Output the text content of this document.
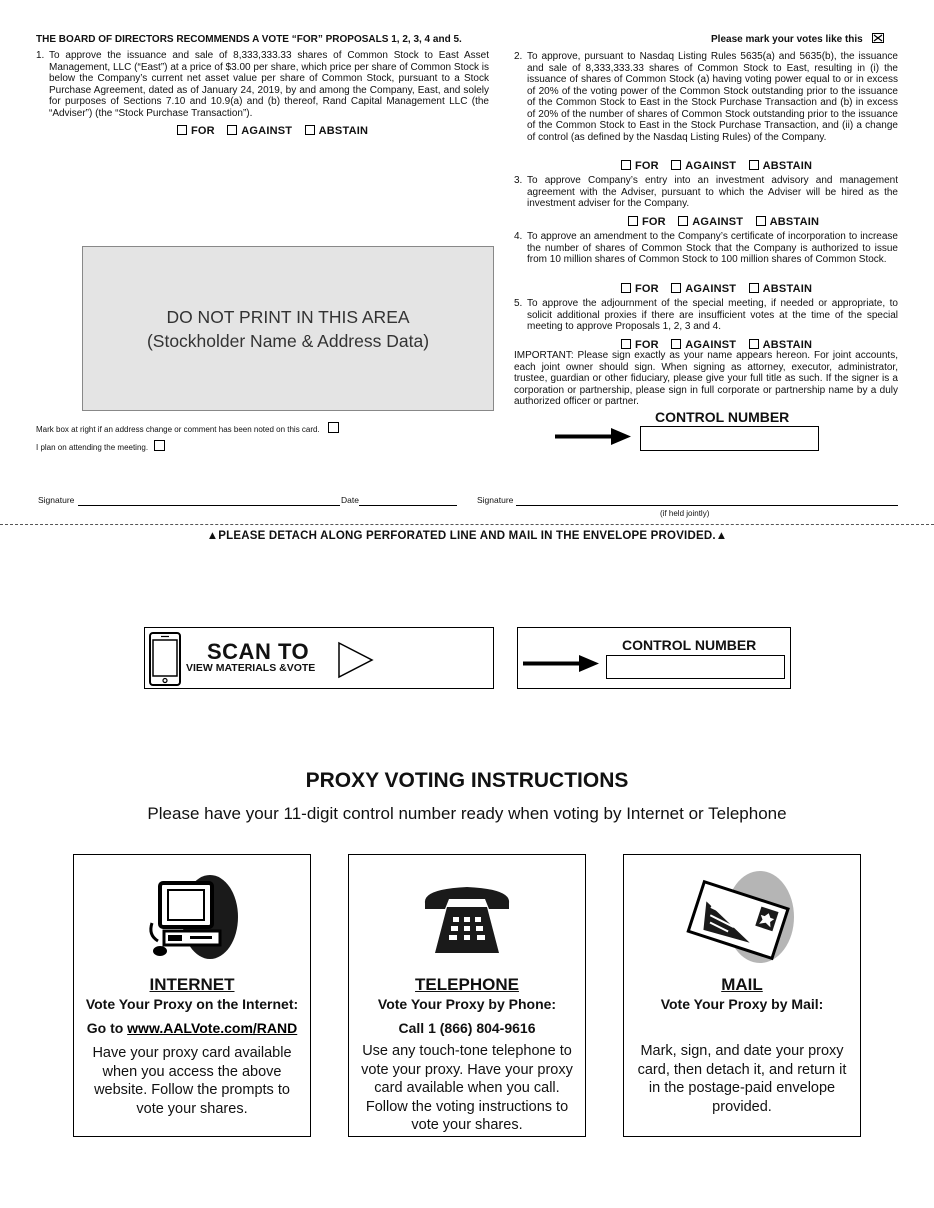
THE BOARD OF DIRECTORS RECOMMENDS A VOTE “FOR” PROPOSALS 1, 2, 3, 4 and 5.	Please mark your votes like this
1. To approve the issuance and sale of 8,333,333.33 shares of Common Stock to East Asset Management, LLC (“East”) at a price of $3.00 per share, which price per share of Common Stock is below the Company’s current net asset value per share of Common Stock, pursuant to a Stock Purchase Agreement, dated as of January 24, 2019, by and among the Company, East, and solely for purposes of Sections 7.10 and 10.9(a) and (b) thereof, Rand Capital Management LLC (the “Adviser”) (the “Stock Purchase Transaction”).
FOR AGAINST ABSTAIN
2. To approve, pursuant to Nasdaq Listing Rules 5635(a) and 5635(b), the issuance and sale of 8,333,333.33 shares of Common Stock to East, resulting in (i) the issuance of shares of Common Stock (a) having voting power equal to or in excess of 20% of the voting power of the Common Stock outstanding prior to the issuance of the Common Stock to East in the Stock Purchase Transaction and (b) in excess of 20% of the number of shares of Common Stock outstanding prior to the issuance of the Common Stock to East in the Stock Purchase Transaction, and (ii) a change of control (as defined by the Nasdaq Listing Rules) of the Company.
FOR AGAINST ABSTAIN
3. To approve Company’s entry into an investment advisory and management agreement with the Adviser, pursuant to which the Adviser will be hired as the investment adviser for the Company.
FOR AGAINST ABSTAIN
4. To approve an amendment to the Company’s certificate of incorporation to increase the number of shares of Common Stock that the Company is authorized to issue from 10 million shares of Common Stock to 100 million shares of Common Stock.
FOR AGAINST ABSTAIN
5. To approve the adjournment of the special meeting, if needed or appropriate, to solicit additional proxies if there are insufficient votes at the time of the special meeting to approve Proposals 1, 2, 3 and 4.
FOR AGAINST ABSTAIN
IMPORTANT: Please sign exactly as your name appears hereon. For joint accounts, each joint owner should sign. When signing as attorney, executor, administrator, trustee, guardian or other fiduciary, please give your full title as such. If the signer is a corporation or partnership, please sign in full corporate or partnership name by a duly authorized officer or partner.
DO NOT PRINT IN THIS AREA
(Stockholder Name & Address Data)
Mark box at right if an address change or comment has been noted on this card.
I plan on attending the meeting.
CONTROL NUMBER
Signature	Date	Signature
(if held jointly)
▲PLEASE DETACH ALONG PERFORATED LINE AND MAIL IN THE ENVELOPE PROVIDED.▲
SCAN TO
VIEW MATERIALS &VOTE
CONTROL NUMBER
PROXY VOTING INSTRUCTIONS
Please have your 11-digit control number ready when voting by Internet or Telephone
INTERNET
Vote Your Proxy on the Internet:
Go to www.AALVote.com/RAND
Have your proxy card available when you access the above website. Follow the prompts to vote your shares.
TELEPHONE
Vote Your Proxy by Phone:
Call 1 (866) 804-9616
Use any touch-tone telephone to vote your proxy. Have your proxy card available when you call. Follow the voting instructions to vote your shares.
MAIL
Vote Your Proxy by Mail:
Mark, sign, and date your proxy card, then detach it, and return it in the postage-paid envelope provided.
